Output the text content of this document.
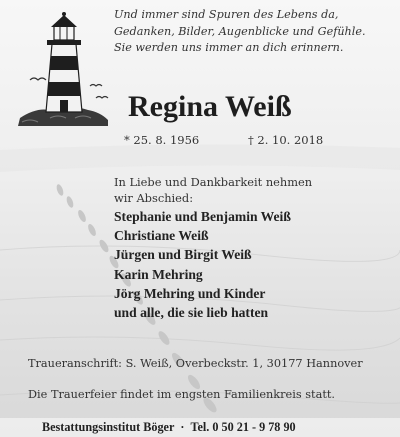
Und immer sind Spuren des Lebens da,
Gedanken, Bilder, Augenblicke und Gefühle.
Sie werden uns immer an dich erinnern.
Regina Weiß
* 25. 8. 1956	† 2. 10. 2018
In Liebe und Dankbarkeit nehmen
wir Abschied:
Stephanie und Benjamin Weiß
Christiane Weiß
Jürgen und Birgit Weiß
Karin Mehring
Jörg Mehring und Kinder
und alle, die sie lieb hatten
Traueranschrift: S. Weiß, Overbeckstr. 1, 30177 Hannover
Die Trauerfeier findet im engsten Familienkreis statt.
Bestattungsinstitut Böger · Tel. 0 50 21 - 9 78 90
